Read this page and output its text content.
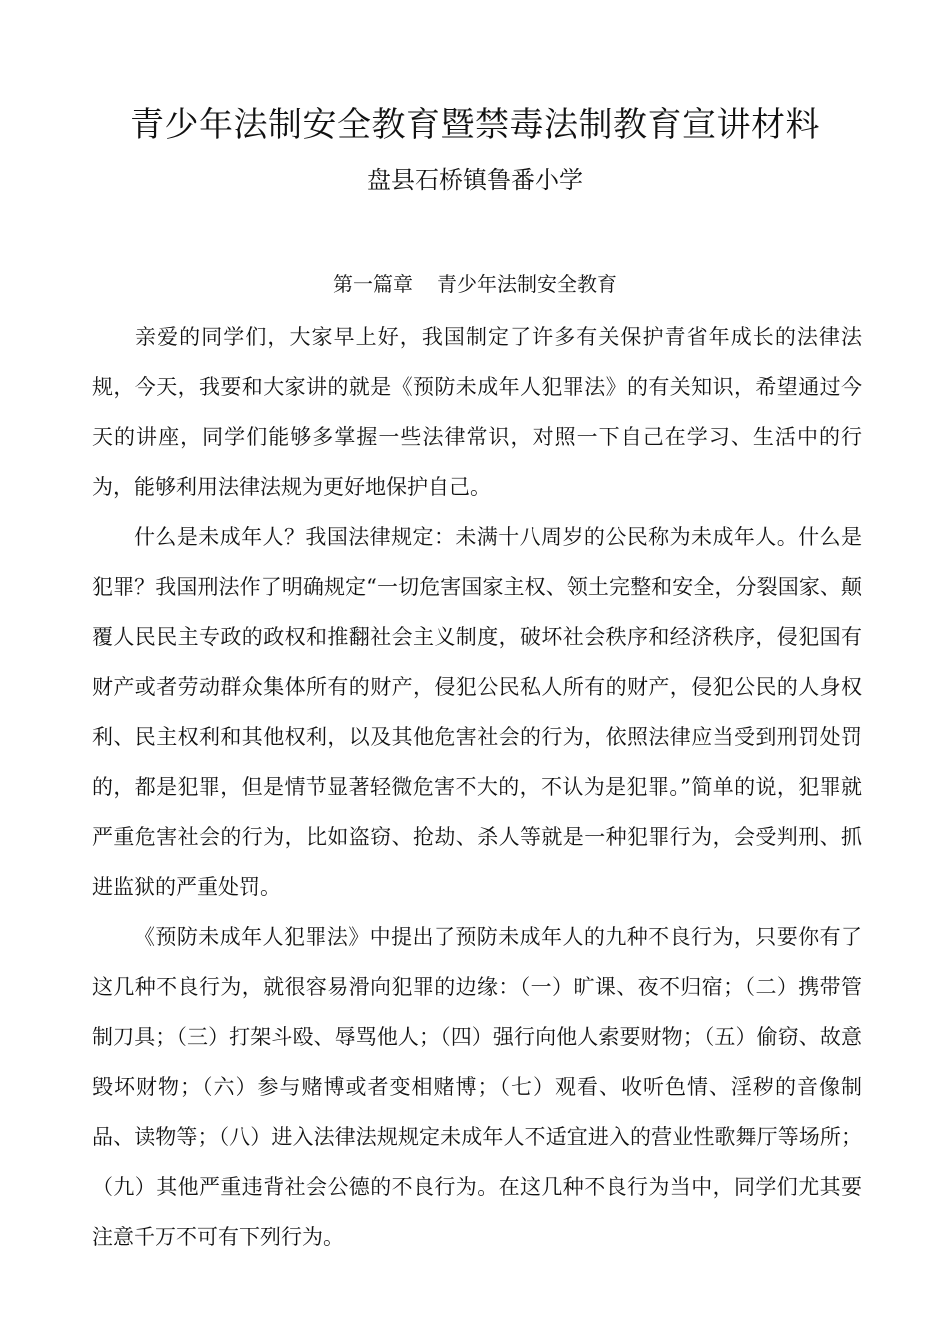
青少年法制安全教育暨禁毒法制教育宣讲材料
盘县石桥镇鲁番小学
第一篇章 青少年法制安全教育

亲爱的同学们，大家早上好，我国制定了许多有关保护青省年成长的法律法规，今天，我要和大家讲的就是《预防未成年人犯罪法》的有关知识，希望通过今天的讲座，同学们能够多掌握一些法律常识，对照一下自己在学习、生活中的行为，能够利用法律法规为更好地保护自己。

什么是未成年人？我国法律规定：未满十八周岁的公民称为未成年人。什么是犯罪？我国刑法作了明确规定“一切危害国家主权、领土完整和安全，分裂国家、颠覆人民民主专政的政权和推翻社会主义制度，破坏社会秩序和经济秩序，侵犯国有财产或者劳动群众集体所有的财产，侵犯公民私人所有的财产，侵犯公民的人身权利、民主权利和其他权利，以及其他危害社会的行为，依照法律应当受到刑罚处罚的，都是犯罪，但是情节显著轻微危害不大的，不认为是犯罪。”简单的说，犯罪就严重危害社会的行为，比如盗窃、抢劫、杀人等就是一种犯罪行为，会受判刑、抓进监狱的严重处罚。

《预防未成年人犯罪法》中提出了预防未成年人的九种不良行为，只要你有了这几种不良行为，就很容易滑向犯罪的边缘：（一）旷课、夜不归宿；（二）携带管制刀具；（三）打架斗殴、辱骂他人；（四）强行向他人索要财物；（五）偷窃、故意毁坏财物；（六）参与赌博或者变相赌博；（七）观看、收听色情、淫秽的音像制品、读物等；（八）进入法律法规规定未成年人不适宜进入的营业性歌舞厅等场所；（九）其他严重违背社会公德的不良行为。在这几种不良行为当中，同学们尤其要注意千万不可有下列行为。
